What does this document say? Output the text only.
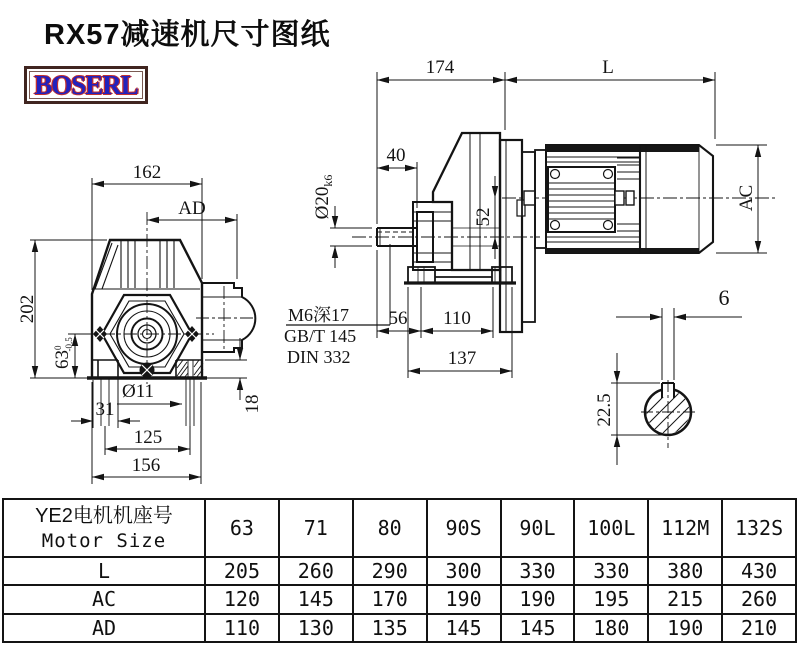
RX57减速机尺寸图纸
BOSERL
162
AD
202
$63^0-0.5$
Ø11
31
125
156
18
174	L
40
$Ø20_{k6}$
52
M6深17
GB/T 145
DIN 332
56 110
137
AC
6
22.5
YE2电机机座号
Motor Size	63	71	80	90S	90L	100L	112M	132S
L	205	260	290	300	330	330	380	430
AC	120	145	170	190	190	195	215	260
AD	110	130	135	145	145	180	190	210
